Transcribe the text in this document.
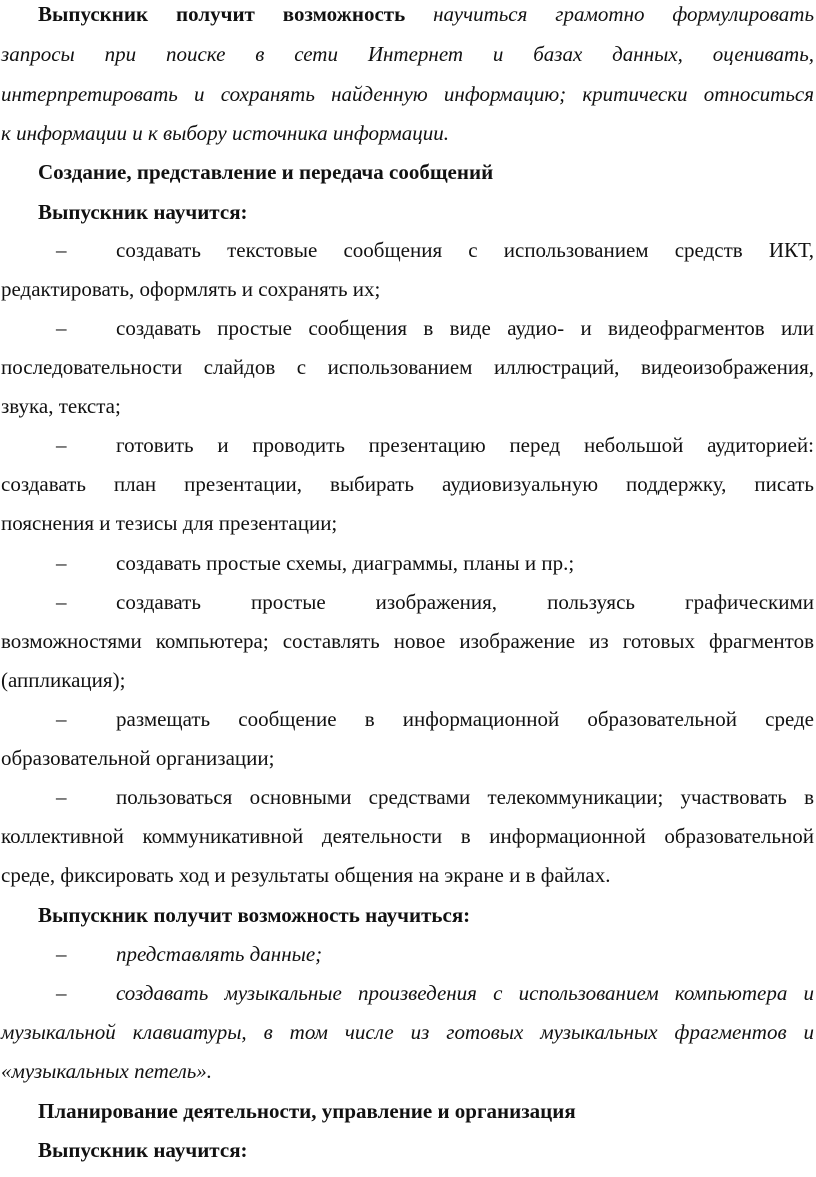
Выпускник получит возможность научиться грамотно формулировать
запросы при поиске в сети Интернет и базах данных, оценивать,
интерпретировать и сохранять найденную информацию; критически относиться
к информации и к выбору источника информации.
Создание, представление и передача сообщений
Выпускник научится:
– создавать текстовые сообщения с использованием средств ИКТ,
редактировать, оформлять и сохранять их;
– создавать простые сообщения в виде аудио- и видеофрагментов или
последовательности слайдов с использованием иллюстраций, видеоизображения,
звука, текста;
– готовить и проводить презентацию перед небольшой аудиторией:
создавать план презентации, выбирать аудиовизуальную поддержку, писать
пояснения и тезисы для презентации;
– создавать простые схемы, диаграммы, планы и пр.;
– создавать простые изображения, пользуясь графическими
возможностями компьютера; составлять новое изображение из готовых фрагментов
(аппликация);
– размещать сообщение в информационной образовательной среде
образовательной организации;
– пользоваться основными средствами телекоммуникации; участвовать в
коллективной коммуникативной деятельности в информационной образовательной
среде, фиксировать ход и результаты общения на экране и в файлах.
Выпускник получит возможность научиться:
– представлять данные;
– создавать музыкальные произведения с использованием компьютера и
музыкальной клавиатуры, в том числе из готовых музыкальных фрагментов и
«музыкальных петель».
Планирование деятельности, управление и организация
Выпускник научится:
